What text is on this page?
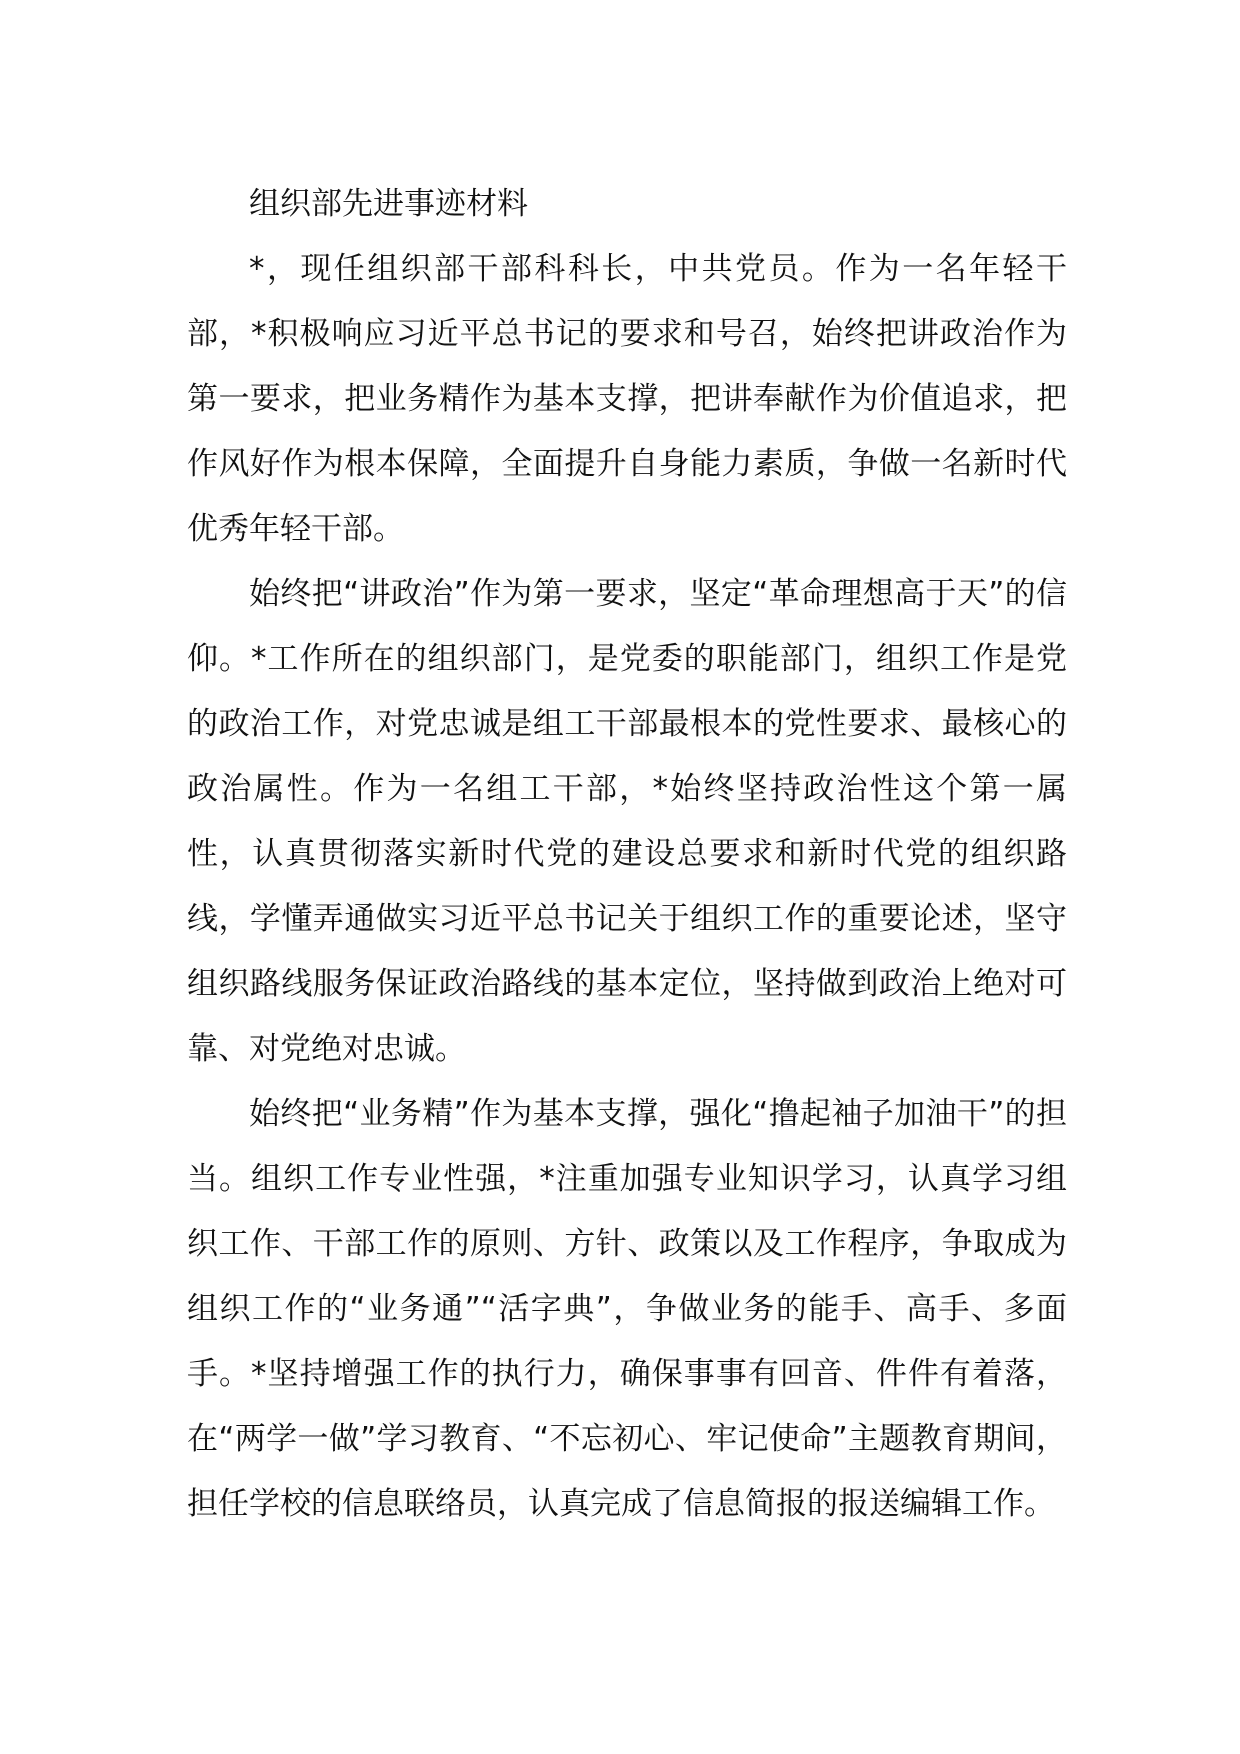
组织部先进事迹材料

*，现任组织部干部科科长，中共党员。作为一名年轻干部，*积极响应习近平总书记的要求和号召，始终把讲政治作为第一要求，把业务精作为基本支撑，把讲奉献作为价值追求，把作风好作为根本保障，全面提升自身能力素质，争做一名新时代优秀年轻干部。

始终把“讲政治”作为第一要求，坚定“革命理想高于天”的信仰。*工作所在的组织部门，是党委的职能部门，组织工作是党的政治工作，对党忠诚是组工干部最根本的党性要求、最核心的政治属性。作为一名组工干部，*始终坚持政治性这个第一属性，认真贯彻落实新时代党的建设总要求和新时代党的组织路线，学懂弄通做实习近平总书记关于组织工作的重要论述，坚守组织路线服务保证政治路线的基本定位，坚持做到政治上绝对可靠、对党绝对忠诚。

始终把“业务精”作为基本支撑，强化“撸起袖子加油干”的担当。组织工作专业性强，*注重加强专业知识学习，认真学习组织工作、干部工作的原则、方针、政策以及工作程序，争取成为组织工作的“业务通”“活字典”，争做业务的能手、高手、多面手。*坚持增强工作的执行力，确保事事有回音、件件有着落，在“两学一做”学习教育、“不忘初心、牢记使命”主题教育期间，担任学校的信息联络员，认真完成了信息简报的报送编辑工作。
